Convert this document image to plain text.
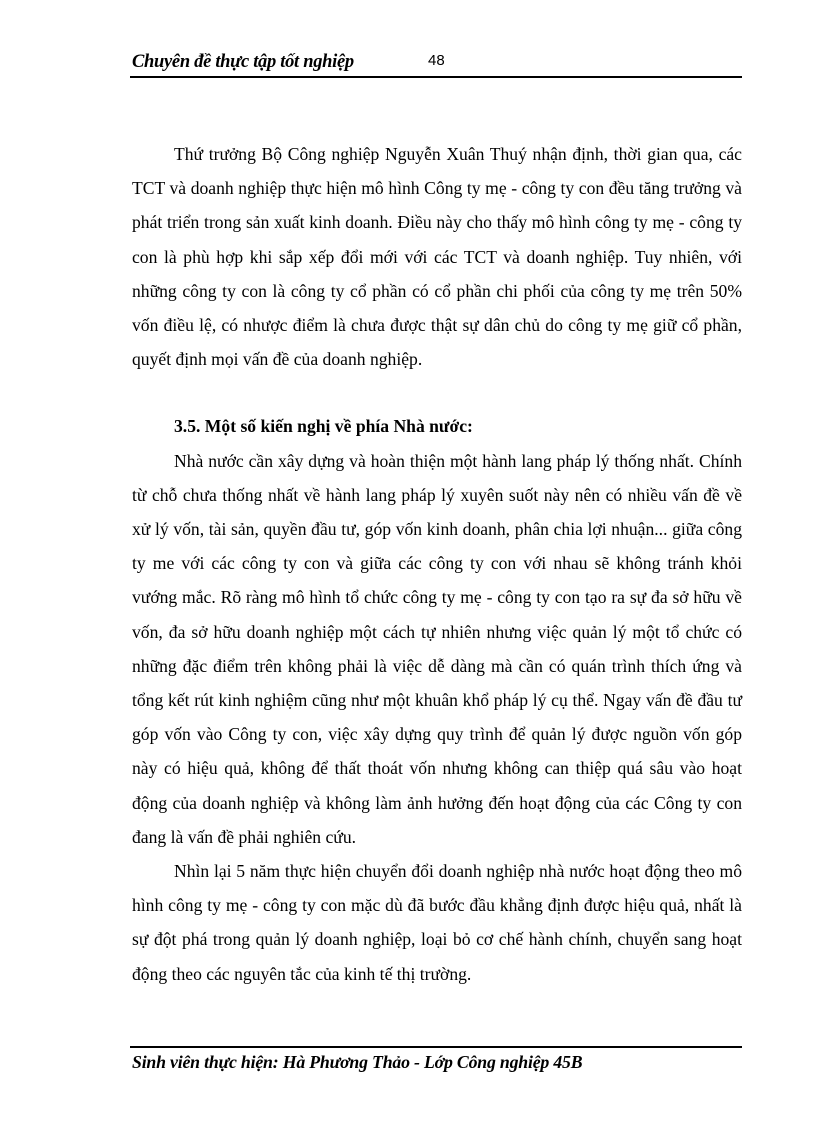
Chuyên đề thực tập tốt nghiệp	48

Thứ trưởng Bộ Công nghiệp Nguyễn Xuân Thuý nhận định, thời gian qua, các TCT và doanh nghiệp thực hiện mô hình Công ty mẹ - công ty con đều tăng trưởng và phát triển trong sản xuất kinh doanh. Điều này cho thấy mô hình công ty mẹ - công ty con là phù hợp khi sắp xếp đổi mới với các TCT và doanh nghiệp. Tuy nhiên, với những công ty con là công ty cổ phần có cổ phần chi phối của công ty mẹ trên 50% vốn điều lệ, có nhược điểm là chưa được thật sự dân chủ do công ty mẹ giữ cổ phần, quyết định mọi vấn đề của doanh nghiệp.

3.5. Một số kiến nghị về phía Nhà nước:

Nhà nước cần xây dựng và hoàn thiện một hành lang pháp lý thống nhất. Chính từ chỗ chưa thống nhất về hành lang pháp lý xuyên suốt này nên có nhiều vấn đề về xử lý vốn, tài sản, quyền đầu tư, góp vốn kinh doanh, phân chia lợi nhuận... giữa công ty me với các công ty con và giữa các công ty con với nhau sẽ không tránh khỏi vướng mắc. Rõ ràng mô hình tổ chức công ty mẹ - công ty con tạo ra sự đa sở hữu về vốn, đa sở hữu doanh nghiệp một cách tự nhiên nhưng việc quản lý một tổ chức có những đặc điểm trên không phải là việc dễ dàng mà cần có quán trình thích ứng và tổng kết rút kinh nghiệm cũng như một khuân khổ pháp lý cụ thể. Ngay vấn đề đầu tư góp vốn vào Công ty con, việc xây dựng quy trình để quản lý được nguồn vốn góp này có hiệu quả, không để thất thoát vốn nhưng không can thiệp quá sâu vào hoạt động của doanh nghiệp và không làm ảnh hưởng đến hoạt động của các Công ty con đang là vấn đề phải nghiên cứu.

Nhìn lại 5 năm thực hiện chuyển đổi doanh nghiệp nhà nước hoạt động theo mô hình công ty mẹ - công ty con mặc dù đã bước đầu khẳng định được hiệu quả, nhất là sự đột phá trong quản lý doanh nghiệp, loại bỏ cơ chế hành chính, chuyển sang hoạt động theo các nguyên tắc của kinh tế thị trường.

Sinh viên thực hiện: Hà Phương Thảo - Lớp Công nghiệp 45B
